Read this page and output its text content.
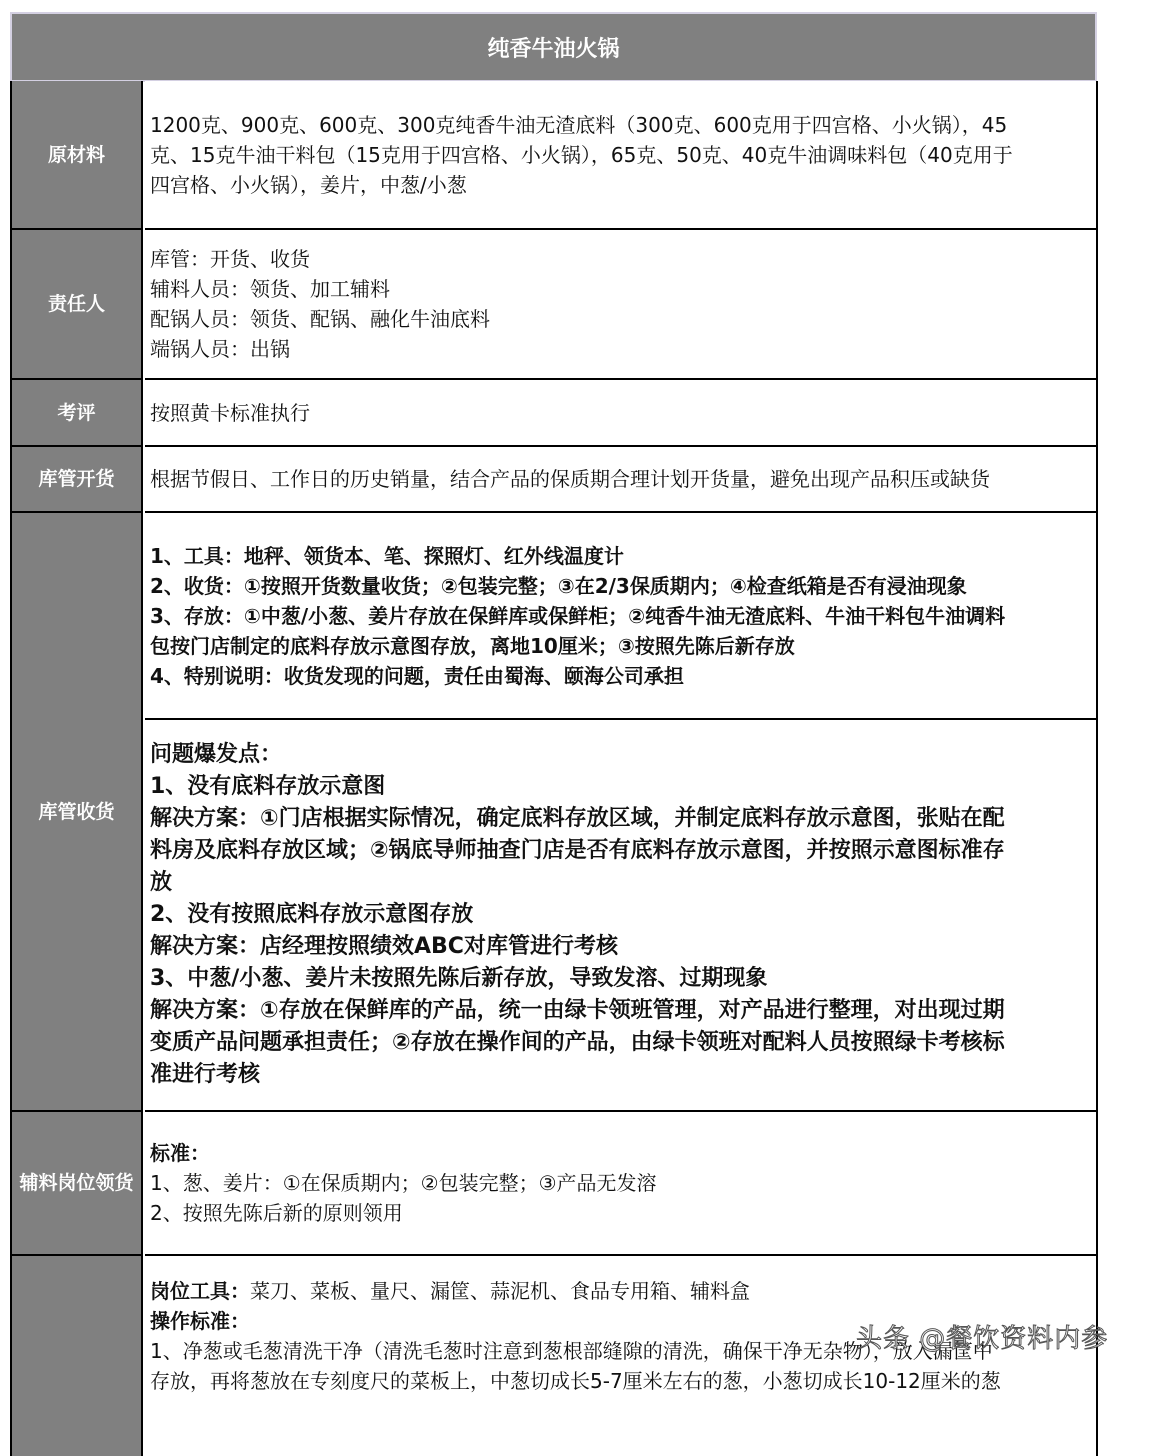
纯香牛油火锅
原材料
1200克、900克、600克、300克纯香牛油无渣底料（300克、600克用于四宫格、小火锅），45
克、15克牛油干料包（15克用于四宫格、小火锅），65克、50克、40克牛油调味料包（40克用于
四宫格、小火锅），姜片，中葱/小葱
责任人
库管：开货、收货
辅料人员：领货、加工辅料
配锅人员：领货、配锅、融化牛油底料
端锅人员：出锅
考评	按照黄卡标准执行
库管开货	根据节假日、工作日的历史销量，结合产品的保质期合理计划开货量，避免出现产品积压或缺货
库管收货
1、工具：地秤、领货本、笔、探照灯、红外线温度计
2、收货：①按照开货数量收货；②包装完整；③在2/3保质期内；④检查纸箱是否有浸油现象
3、存放：①中葱/小葱、姜片存放在保鲜库或保鲜柜；②纯香牛油无渣底料、牛油干料包牛油调料
包按门店制定的底料存放示意图存放，离地10厘米；③按照先陈后新存放
4、特别说明：收货发现的问题，责任由蜀海、颐海公司承担
问题爆发点：
1、没有底料存放示意图
解决方案：①门店根据实际情况，确定底料存放区域，并制定底料存放示意图，张贴在配
料房及底料存放区域；②锅底导师抽查门店是否有底料存放示意图，并按照示意图标准存
放
2、没有按照底料存放示意图存放
解决方案：店经理按照绩效ABC对库管进行考核
3、中葱/小葱、姜片未按照先陈后新存放，导致发溶、过期现象
解决方案：①存放在保鲜库的产品，统一由绿卡领班管理，对产品进行整理，对出现过期
变质产品问题承担责任；②存放在操作间的产品，由绿卡领班对配料人员按照绿卡考核标
准进行考核
辅料岗位领货
标准：
1、葱、姜片：①在保质期内；②包装完整；③产品无发溶
2、按照先陈后新的原则领用
岗位工具：菜刀、菜板、量尺、漏筐、蒜泥机、食品专用箱、辅料盒
操作标准：
1、净葱或毛葱清洗干净（清洗毛葱时注意到葱根部缝隙的清洗，确保干净无杂物），放入漏筐中
存放，再将葱放在专刻度尺的菜板上，中葱切成长5-7厘米左右的葱，小葱切成长10-12厘米的葱
头条 @餐饮资料内参
